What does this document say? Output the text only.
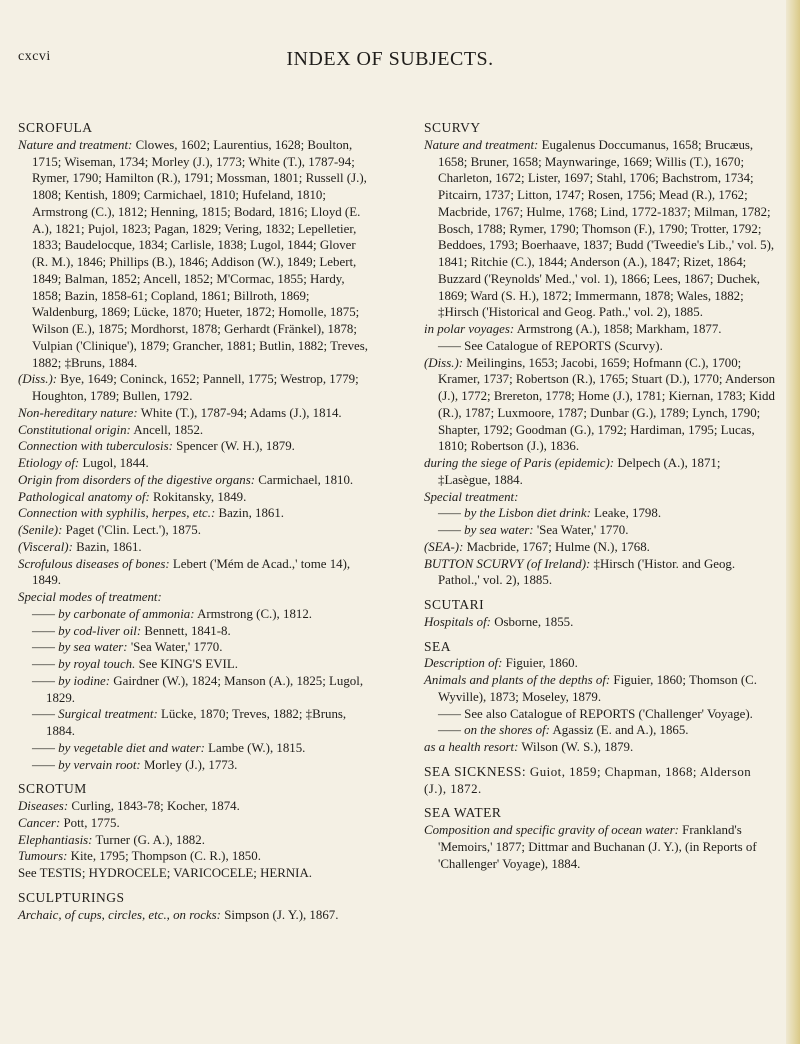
cxcvi	INDEX OF SUBJECTS.
SCROFULA
Nature and treatment: Clowes, 1602; Laurentius, 1628; Boulton, 1715; Wiseman, 1734; Morley (J.), 1773; White (T.), 1787-94; Rymer, 1790; Hamilton (R.), 1791; Mossman, 1801; Russell (J.), 1808; Kentish, 1809; Carmichael, 1810; Hufeland, 1810; Armstrong (C.), 1812; Henning, 1815; Bodard, 1816; Lloyd (E. A.), 1821; Pujol, 1823; Pagan, 1829; Vering, 1832; Lepelletier, 1833; Baudelocque, 1834; Carlisle, 1838; Lugol, 1844; Glover (R. M.), 1846; Phillips (B.), 1846; Addison (W.), 1849; Lebert, 1849; Balman, 1852; Ancell, 1852; M'Cormac, 1855; Hardy, 1858; Bazin, 1858-61; Copland, 1861; Billroth, 1869; Waldenburg, 1869; Lücke, 1870; Hueter, 1872; Homolle, 1875; Wilson (E.), 1875; Mordhorst, 1878; Gerhardt (Fränkel), 1878; Vulpian ('Clinique'), 1879; Grancher, 1881; Butlin, 1882; Treves, 1882; ‡Bruns, 1884.
(Diss.): Bye, 1649; Coninck, 1652; Pannell, 1775; Westrop, 1779; Houghton, 1789; Bullen, 1792.
Non-hereditary nature: White (T.), 1787-94; Adams (J.), 1814.
Constitutional origin: Ancell, 1852.
Connection with tuberculosis: Spencer (W. H.), 1879.
Etiology of: Lugol, 1844.
Origin from disorders of the digestive organs: Carmichael, 1810.
Pathological anatomy of: Rokitansky, 1849.
Connection with syphilis, herpes, etc.: Bazin, 1861.
(Senile): Paget ('Clin. Lect.'), 1875.
(Visceral): Bazin, 1861.
Scrofulous diseases of bones: Lebert ('Mém de Acad.,' tome 14), 1849.
Special modes of treatment:
—— by carbonate of ammonia: Armstrong (C.), 1812.
—— by cod-liver oil: Bennett, 1841-8.
—— by sea water: 'Sea Water,' 1770.
—— by royal touch. See KING'S EVIL.
—— by iodine: Gairdner (W.), 1824; Manson (A.), 1825; Lugol, 1829.
—— Surgical treatment: Lücke, 1870; Treves, 1882; ‡Bruns, 1884.
—— by vegetable diet and water: Lambe (W.), 1815.
—— by vervain root: Morley (J.), 1773.
SCROTUM
Diseases: Curling, 1843-78; Kocher, 1874.
Cancer: Pott, 1775.
Elephantiasis: Turner (G. A.), 1882.
Tumours: Kite, 1795; Thompson (C. R.), 1850.
See TESTIS; HYDROCELE; VARICOCELE; HERNIA.
SCULPTURINGS
Archaic, of cups, circles, etc., on rocks: Simpson (J. Y.), 1867.
SCURVY
Nature and treatment: Eugalenus Doccumanus, 1658; Brucæus, 1658; Bruner, 1658; Maynwaringe, 1669; Willis (T.), 1670; Charleton, 1672; Lister, 1697; Stahl, 1706; Bachstrom, 1734; Pitcairn, 1737; Litton, 1747; Rosen, 1756; Mead (R.), 1762; Macbride, 1767; Hulme, 1768; Lind, 1772-1837; Milman, 1782; Bosch, 1788; Rymer, 1790; Thomson (F.), 1790; Trotter, 1792; Beddoes, 1793; Boerhaave, 1837; Budd ('Tweedie's Lib.,' vol. 5), 1841; Ritchie (C.), 1844; Anderson (A.), 1847; Rizet, 1864; Buzzard ('Reynolds' Med.,' vol. 1), 1866; Lees, 1867; Duchek, 1869; Ward (S. H.), 1872; Immermann, 1878; Wales, 1882; ‡Hirsch ('Historical and Geog. Path.,' vol. 2), 1885.
in polar voyages: Armstrong (A.), 1858; Markham, 1877.
—— See Catalogue of REPORTS (Scurvy).
(Diss.): Meilingins, 1653; Jacobi, 1659; Hofmann (C.), 1700; Kramer, 1737; Robertson (R.), 1765; Stuart (D.), 1770; Anderson (J.), 1772; Brereton, 1778; Home (J.), 1781; Kiernan, 1783; Kidd (R.), 1787; Luxmoore, 1787; Dunbar (G.), 1789; Lynch, 1790; Shapter, 1792; Goodman (G.), 1792; Hardiman, 1795; Lucas, 1810; Robertson (J.), 1836.
during the siege of Paris (epidemic): Delpech (A.), 1871; ‡Lasègue, 1884.
Special treatment:
—— by the Lisbon diet drink: Leake, 1798.
—— by sea water: 'Sea Water,' 1770.
(SEA-): Macbride, 1767; Hulme (N.), 1768.
BUTTON SCURVY (of Ireland): ‡Hirsch ('Histor. and Geog. Pathol.,' vol. 2), 1885.
SCUTARI
Hospitals of: Osborne, 1855.
SEA
Description of: Figuier, 1860.
Animals and plants of the depths of: Figuier, 1860; Thomson (C. Wyville), 1873; Moseley, 1879.
—— See also Catalogue of REPORTS ('Challenger' Voyage).
—— on the shores of: Agassiz (E. and A.), 1865.
as a health resort: Wilson (W. S.), 1879.
SEA SICKNESS: Guiot, 1859; Chapman, 1868; Alderson (J.), 1872.
SEA WATER
Composition and specific gravity of ocean water: Frankland's 'Memoirs,' 1877; Dittmar and Buchanan (J. Y.), (in Reports of 'Challenger' Voyage), 1884.
